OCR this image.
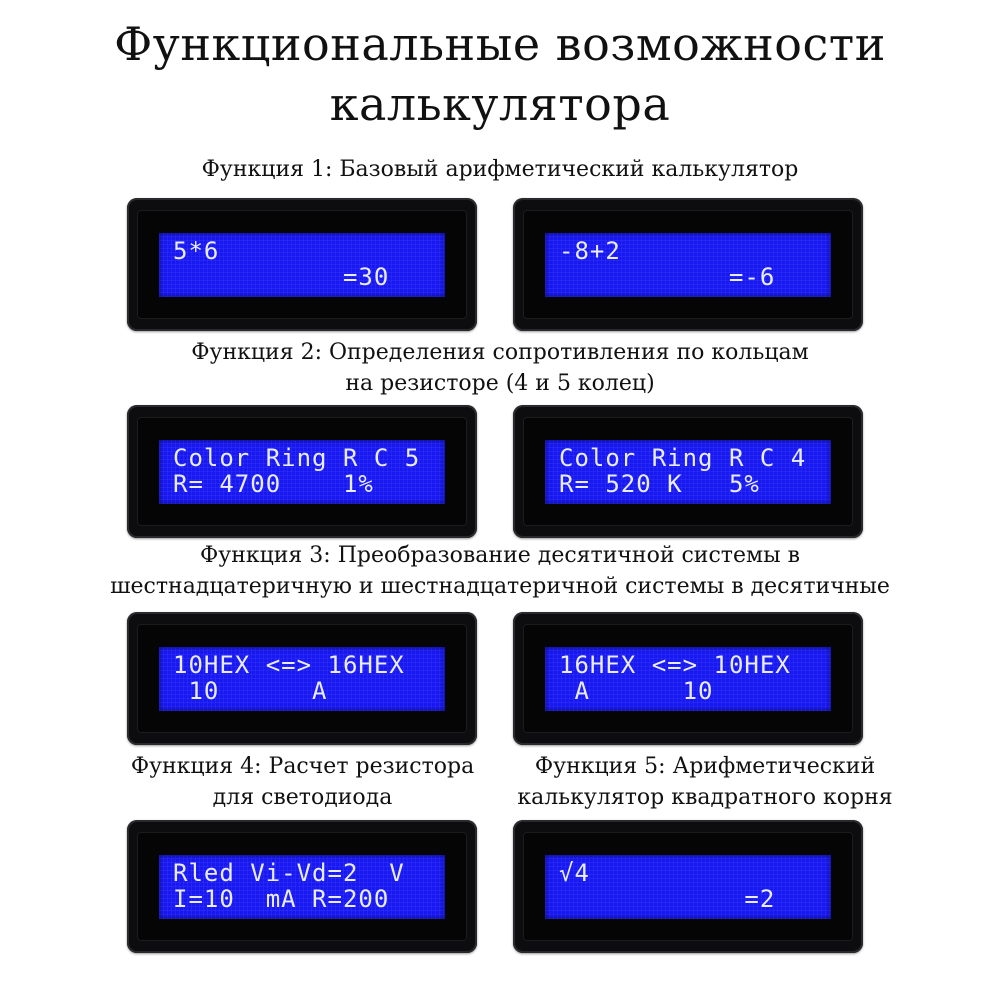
Функциональные возможности
калькулятора
Функция 1: Базовый арифметический калькулятор
5*6
=30
-8+2
=-6
Функция 2: Определения сопротивления по кольцам
на резисторе (4 и 5 колец)
Color Ring R C 5
R= 4700    1%
Color Ring R C 4
R= 520 K   5%
Функция 3: Преобразование десятичной системы в
шестнадцатеричную и шестнадцатеричной системы в десятичные
10HEX <=> 16HEX
10      A
16HEX <=> 10HEX
A      10
Функция 4: Расчет резистора
для светодиода
Функция 5: Арифметический
калькулятор квадратного корня
Rled Vi-Vd=2  V
I=10  mA R=200
√4
=2
